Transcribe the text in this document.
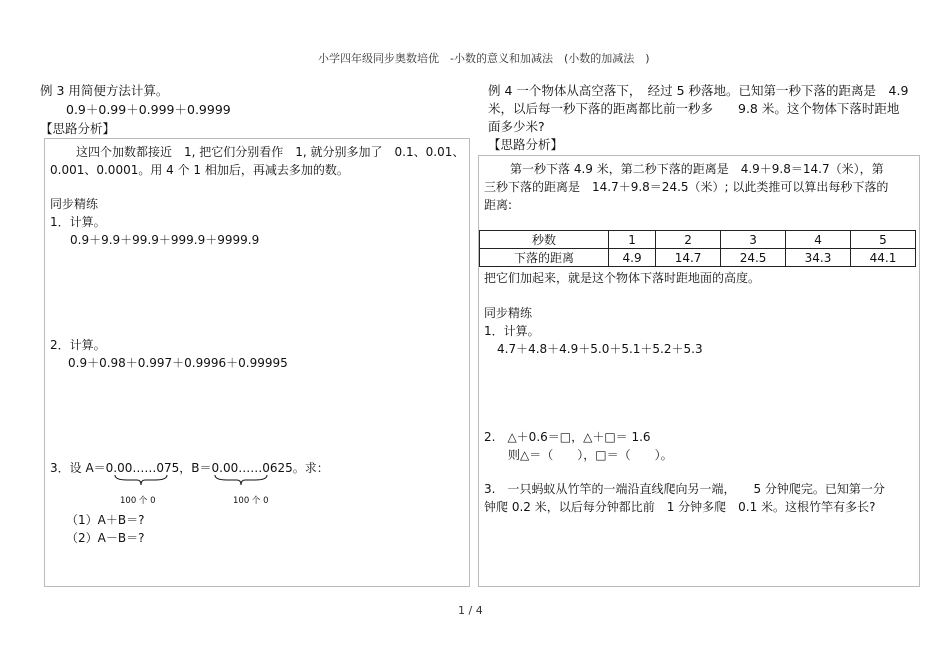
小学四年级同步奥数培优　-小数的意义和加减法　(小数的加减法　)
例 3 用简便方法计算。
0.9＋0.99＋0.999＋0.9999
【思路分析】
这四个加数都接近　1, 把它们分别看作　1, 就分别多加了　0.1、0.01、
0.001、0.0001。用 4 个 1 相加后，再减去多加的数。
同步精练
1．计算。
0.9＋9.9＋99.9＋999.9＋9999.9
2．计算。
0.9＋0.98＋0.997＋0.9996＋0.99995
3．设 A＝0.00……075，B＝0.00……0625。求：
100 个 0	100 个 0
（1）A＋B＝?
（2）A－B＝?
例 4 一个物体从高空落下，　经过 5 秒落地。已知第一秒下落的距离是　4.9
米，以后每一秒下落的距离都比前一秒多　　9.8 米。这个物体下落时距地
面多少米?
【思路分析】
第一秒下落 4.9 米，第二秒下落的距离是　4.9＋9.8＝14.7（米），第
三秒下落的距离是　14.7＋9.8＝24.5（米）; 以此类推可以算出每秒下落的
距离:
秒数	1	2	3	4	5
下落的距离	4.9	14.7	24.5	34.3	44.1
把它们加起来，就是这个物体下落时距地面的高度。
同步精练
1．计算。
4.7＋4.8＋4.9＋5.0＋5.1＋5.2＋5.3
2.　△＋0.6＝□，△＋□＝ 1.6
则△＝（　　），□＝（　　）。
3.　一只蚂蚁从竹竿的一端沿直线爬向另一端，　　5 分钟爬完。已知第一分
钟爬 0.2 米，以后每分钟都比前　1 分钟多爬　0.1 米。这根竹竿有多长?
1 / 4
